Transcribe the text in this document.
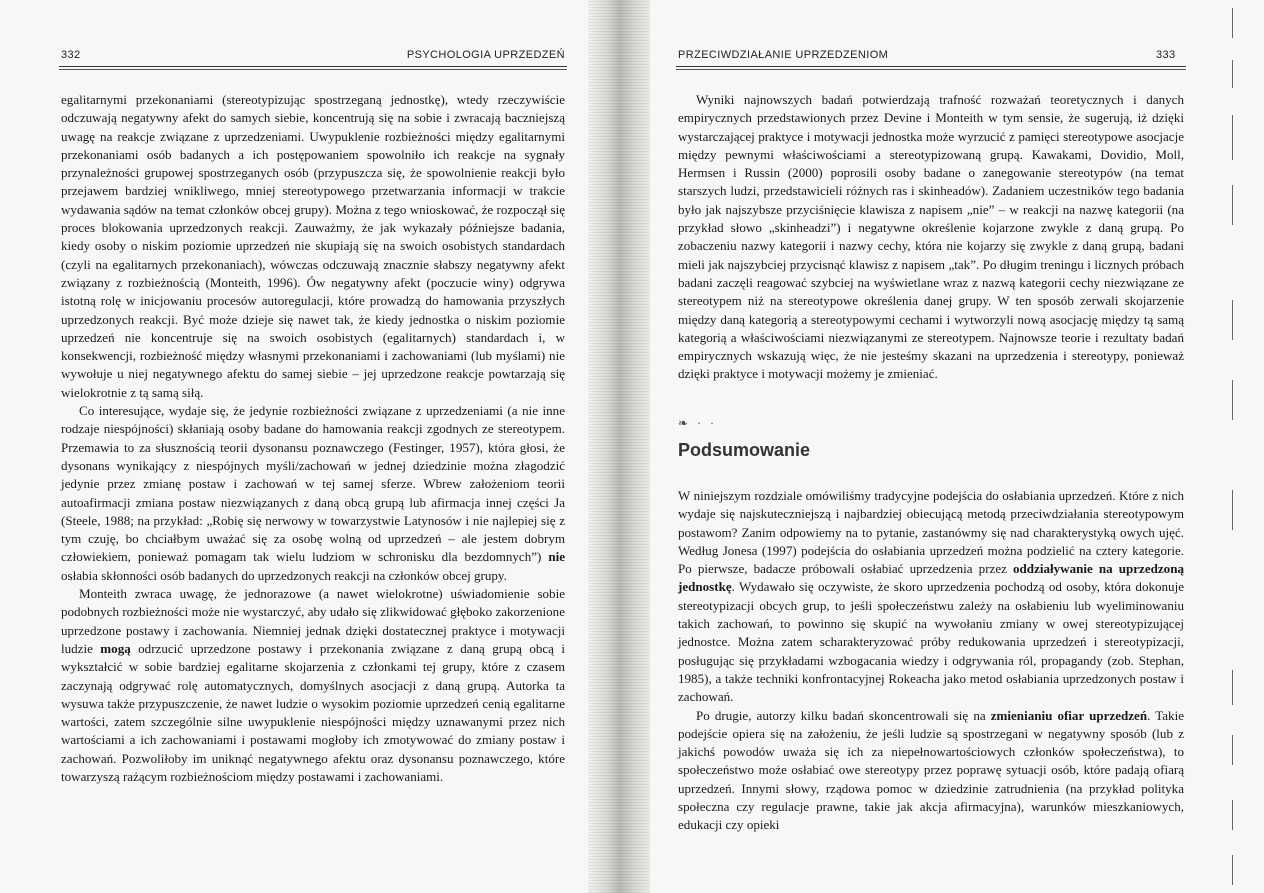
332	PSYCHOLOGIA UPRZEDZEŃ

egalitarnymi przekonaniami (stereotypizując spostrzeganą jednostkę), wtedy rzeczywiście odczuwają negatywny afekt do samych siebie, koncentrują się na sobie i zwracają baczniejszą uwagę na reakcje związane z uprzedzeniami. Uwypuklenie rozbieżności między egalitarnymi przekonaniami osób badanych a ich postępowaniem spowolniło ich reakcje na sygnały przynależności grupowej spostrzeganych osób (przypuszcza się, że spowolnienie reakcji było przejawem bardziej wnikliwego, mniej stereotypowego przetwarzania informacji w trakcie wydawania sądów na temat członków obcej grupy). Można z tego wnioskować, że rozpoczął się proces blokowania uprzedzonych reakcji. Zauważmy, że jak wykazały późniejsze badania, kiedy osoby o niskim poziomie uprzedzeń nie skupiają się na swoich osobistych standardach (czyli na egalitarnych przekonaniach), wówczas odczuwają znacznie słabszy negatywny afekt związany z rozbieżnością (Monteith, 1996). Ów negatywny afekt (poczucie winy) odgrywa istotną rolę w inicjowaniu procesów autoregulacji, które prowadzą do hamowania przyszłych uprzedzonych reakcji. Być może dzieje się nawet tak, że kiedy jednostka o niskim poziomie uprzedzeń nie koncentruje się na swoich osobistych (egalitarnych) standardach i, w konsekwencji, rozbieżność między własnymi przekonaniami i zachowaniami (lub myślami) nie wywołuje u niej negatywnego afektu do samej siebie – jej uprzedzone reakcje powtarzają się wielokrotnie z tą samą siłą.

Co interesujące, wydaje się, że jedynie rozbieżności związane z uprzedzeniami (a nie inne rodzaje niespójności) skłaniają osoby badane do hamowania reakcji zgodnych ze stereotypem. Przemawia to za słusznością teorii dysonansu poznawczego (Festinger, 1957), która głosi, że dysonans wynikający z niespójnych myśli/zachowań w jednej dziedzinie można złagodzić jedynie przez zmianę postaw i zachowań w tej samej sferze. Wbrew założeniom teorii autoafirmacji zmiana postaw niezwiązanych z daną obcą grupą lub afirmacja innej części Ja (Steele, 1988; na przykład: „Robię się nerwowy w towarzystwie Latynosów i nie najlepiej się z tym czuję, bo chciałbym uważać się za osobę wolną od uprzedzeń – ale jestem dobrym człowiekiem, ponieważ pomagam tak wielu ludziom w schronisku dla bezdomnych”) nie osłabia skłonności osób badanych do uprzedzonych reakcji na członków obcej grupy.

Monteith zwraca uwagę, że jednorazowe (a nawet wielokrotne) uświadomienie sobie podobnych rozbieżności może nie wystarczyć, aby udało się zlikwidować głęboko zakorzenione uprzedzone postawy i zachowania. Niemniej jednak dzięki dostatecznej praktyce i motywacji ludzie mogą odrzucić uprzedzone postawy i przekonania związane z daną grupą obcą i wykształcić w sobie bardziej egalitarne skojarzenia z członkami tej grupy, które z czasem zaczynają odgrywać rolę automatycznych, domyślnych asocjacji z daną grupą. Autorka ta wysuwa także przypuszczenie, że nawet ludzie o wysokim poziomie uprzedzeń cenią egalitarne wartości, zatem szczególnie silne uwypuklenie niespójności między uznawanymi przez nich wartościami a ich zachowaniami i postawami mogłoby ich zmotywować do zmiany postaw i zachowań. Pozwoliłoby im uniknąć negatywnego afektu oraz dysonansu poznawczego, które towarzyszą rażącym rozbieżnościom między postawami i zachowaniami.

PRZECIWDZIAŁANIE UPRZEDZENIOM	333

Wyniki najnowszych badań potwierdzają trafność rozważań teoretycznych i danych empirycznych przedstawionych przez Devine i Monteith w tym sensie, że sugerują, iż dzięki wystarczającej praktyce i motywacji jednostka może wyrzucić z pamięci stereotypowe asocjacje między pewnymi właściwościami a stereotypizowaną grupą. Kawakami, Dovidio, Moll, Hermsen i Russin (2000) poprosili osoby badane o zanegowanie stereotypów (na temat starszych ludzi, przedstawicieli różnych ras i skinheadów). Zadaniem uczestników tego badania było jak najszybsze przyciśnięcie klawisza z napisem „nie” – w reakcji na nazwę kategorii (na przykład słowo „skinheadzi”) i negatywne określenie kojarzone zwykle z daną grupą. Po zobaczeniu nazwy kategorii i nazwy cechy, która nie kojarzy się zwykle z daną grupą, badani mieli jak najszybciej przycisnąć klawisz z napisem „tak”. Po długim treningu i licznych próbach badani zaczęli reagować szybciej na wyświetlane wraz z nazwą kategorii cechy niezwiązane ze stereotypem niż na stereotypowe określenia danej grupy. W ten sposób zerwali skojarzenie między daną kategorią a stereotypowymi cechami i wytworzyli nową asocjację między tą samą kategorią a właściwościami niezwiązanymi ze stereotypem. Najnowsze teorie i rezultaty badań empirycznych wskazują więc, że nie jesteśmy skazani na uprzedzenia i stereotypy, ponieważ dzięki praktyce i motywacji możemy je zmieniać.

❧ · ·
Podsumowanie

W niniejszym rozdziale omówiliśmy tradycyjne podejścia do osłabiania uprzedzeń. Które z nich wydaje się najskuteczniejszą i najbardziej obiecującą metodą przeciwdziałania stereotypowym postawom? Zanim odpowiemy na to pytanie, zastanówmy się nad charakterystyką owych ujęć. Według Jonesa (1997) podejścia do osłabiania uprzedzeń można podzielić na cztery kategorie. Po pierwsze, badacze próbowali osłabiać uprzedzenia przez oddziaływanie na uprzedzoną jednostkę. Wydawało się oczywiste, że skoro uprzedzenia pochodzą od osoby, która dokonuje stereotypizacji obcych grup, to jeśli społeczeństwu zależy na osłabieniu lub wyeliminowaniu takich zachowań, to powinno się skupić na wywołaniu zmiany w owej stereotypizującej jednostce. Można zatem scharakteryzować próby redukowania uprzedzeń i stereotypizacji, posługując się przykładami wzbogacania wiedzy i odgrywania ról, propagandy (zob. Stephan, 1985), a także techniki konfrontacyjnej Rokeacha jako metod osłabiania uprzedzonych postaw i zachowań.

Po drugie, autorzy kilku badań skoncentrowali się na zmienianiu ofiar uprzedzeń. Takie podejście opiera się na założeniu, że jeśli ludzie są spostrzegani w negatywny sposób (lub z jakichś powodów uważa się ich za niepełnowartościowych członków społeczeństwa), to społeczeństwo może osłabiać owe stereotypy przez poprawę sytuacji osób, które padają ofiarą uprzedzeń. Innymi słowy, rządowa pomoc w dziedzinie zatrudnienia (na przykład polityka społeczna czy regulacje prawne, takie jak akcja afirmacyjna), warunków mieszkaniowych, edukacji czy opieki
